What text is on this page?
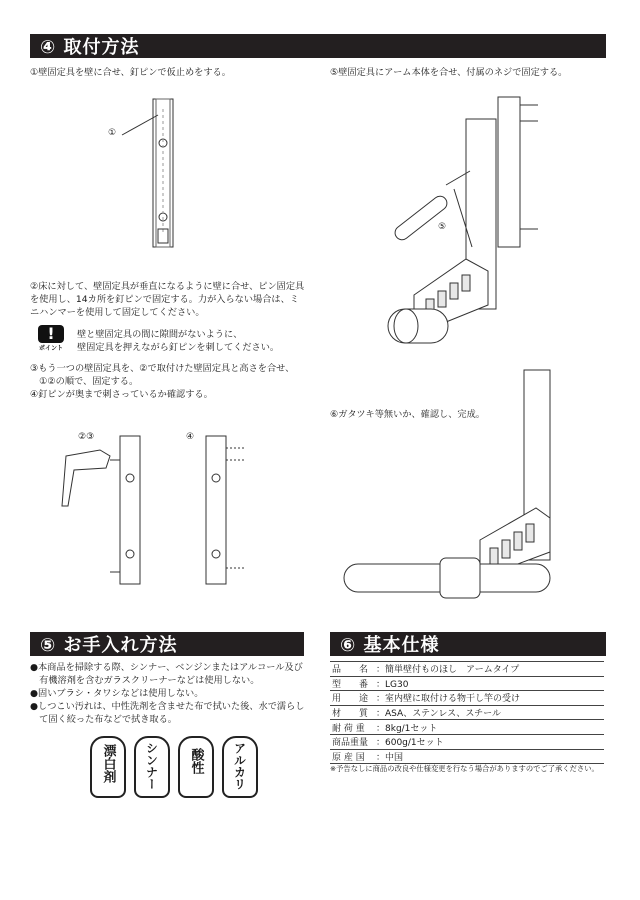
④ 取付方法
①壁固定具を壁に合せ、釘ピンで仮止めをする。	⑤壁固定具にアーム本体を合せ、付属のネジで固定する。
①
⑤
②床に対して、壁固定具が垂直になるように壁に合せ、ピン固定具
を使用し、14カ所を釘ピンで固定する。力が入らない場合は、ミ
ニハンマーを使用して固定してください。
!
ポイント
壁と壁固定具の間に隙間がないように、
壁固定具を押えながら釘ピンを刺してください。
③もう一つの壁固定具を、②で取付けた壁固定具と高さを合せ、
　①②の順で、固定する。
④釘ピンが奥まで刺さっているか確認する。
②③	④
⑥ガタツキ等無いか、確認し、完成。
⑤ お手入れ方法
●本商品を掃除する際、シンナー、ベンジンまたはアルコール及び
　有機溶剤を含むガラスクリーナーなどは使用しない。
●固いブラシ・タワシなどは使用しない。
●しつこい汚れは、中性洗剤を含ませた布で拭いた後、水で濡らし
　て固く絞った布などで拭き取る。
漂白剤 シンナー 酸性 アルカリ
⑥ 基本仕様
品　　名	：簡単壁付ものほし　アームタイプ
型　　番	：LG30
用　　途	：室内壁に取付ける物干し竿の受け
材　　質	：ASA、ステンレス、スチール
耐 荷 重	：8kg/1セット
商品重量	：600g/1セット
原 産 国	：中国
※予告なしに商品の改良や仕様変更を行なう場合がありますのでご了承ください。
